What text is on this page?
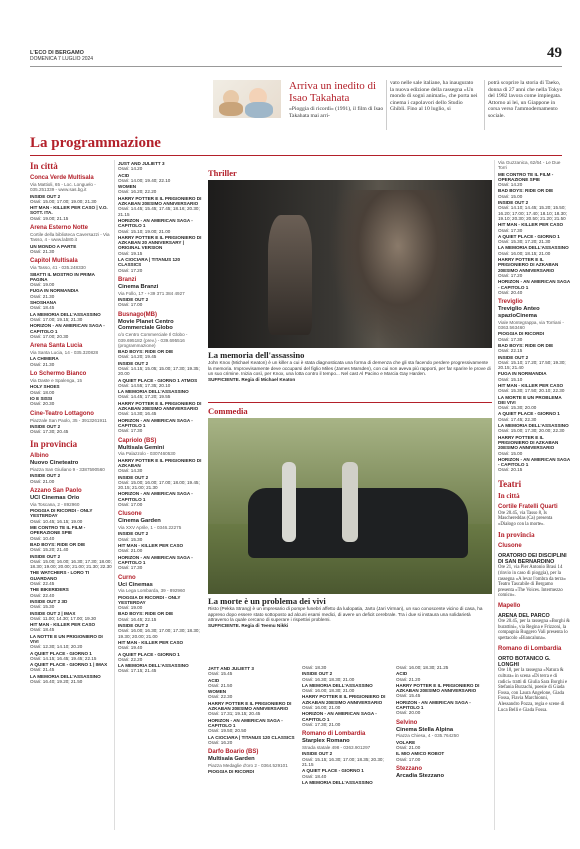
L'ECO DI BERGAMO
DOMENICA 7 LUGLIO 2024	49
Arriva un inedito di Isao Takahata
«Pioggia di ricordi» (1991), il film di Isao Takahata mai arri-
vato nelle sale italiane, ha inaugurato la nuova edizione della rassegna «Un mondo di sogni animati», che porta nei cinema i capolavori dello Studio Ghibli. Fino al 10 luglio, si
potrà scoprire la storia di Taeko, donna di 27 anni che nella Tokyo del 1982 lavora come impiegata. Attorno ai lei, un Giappone in corsa verso l'ammodernamento sociale.
La programmazione
In città
Conca Verde Multisala
Via Mattioli, 65 - Loc. Longuelo - 035.251339 - www.sas.bg.it
INSIDE OUT 2
Orari: 15.00; 17.00; 19.00; 21.30
HIT MAN - KILLER PER CASO | V.O. SOTT. ITA.
Orari: 19.00; 21.15
Arena Esterno Notte
Cortile della biblioteca Caversazzi - Via Tasso, 4 - www.lab80.it
UN MONDO A PARTE
Orari: 21.30
Capitol Multisala
Via Tasso, 41 - 035.248330
SBATTI IL MOSTRO IN PRIMA PAGINA
Orari: 19.00
FUGA IN NORMANDIA
Orari: 21.30
SHOSHANA
Orari: 18.45
LA MEMORIA DELL'ASSASSINO
Orari: 17.00; 19.15; 21.30
HORIZON - AN AMERICAN SAGA - CAPITOLO 1
Orari: 17.00; 20.30
Arena Santa Lucia
Via Santa Lucia, 14 - 035.320828
LA CHIMERA
Orari: 21.30
Lo Schermo Bianco
Via Daste e Spalenga, 15
HOLY SHOES
Orari: 18.00
IO E SISSI
Orari: 20.30
Cine-Teatro Lottagono
Piazzale San Paolo, 35 - 3913261911
INSIDE OUT 2
Orari: 17.30; 20.45
In provincia
Albino
Nuovo Cineteatro
Piazza San Giuliano 9 - 3387590560
INSIDE OUT 2
Orari: 21.00
Azzano San Paolo
UCI Cinemas Orio
Via Toscana, 2 - 892960
PIOGGIA DI RICORDI - ONLY YESTERDAY
Orari: 10.45; 16.15; 19.00
ME CONTRO TE IL FILM - OPERAZIONE SPIE
Orari: 10.40
BAD BOYS: RIDE OR DIE
Orari: 15.20; 21.40
INSIDE OUT 2
Orari: 15.00; 16.00; 16.30; 17.30; 18.00; 18.30; 19.00; 20.00; 21.00; 21.30; 22.30
THE WATCHERS - LORO TI GUARDANO
Orari: 22.45
THE BIKERIDERS
Orari: 22.40
INSIDE OUT 2 3D
Orari: 15.30
INSIDE OUT 2 | IMAX
Orari: 11.00; 14.30; 17.00; 19.30
HIT MAN - KILLER PER CASO
Orari: 18.45
LA NOTTE E UN PRIGIONIERO DI VIVI
Orari: 12.30; 14.10; 20.20
A QUIET PLACE - GIORNO 1
Orari: 14.15; 16.45; 19.45; 22.15
A QUIET PLACE - GIORNO 1 | IMAX
Orari: 21.45
LA MEMORIA DELL'ASSASSINO
Orari: 16.40; 19.20; 21.50
JUST AND JULIETT 3
Orari: 14.20
ACID
Orari: 14.00; 19.40; 22.10
WOMEN
Orari: 16.20; 22.20
HARRY POTTER E IL PRIGIONIERO DI AZKABAN 20ESIMO ANNIVERSARIO
Orari: 14.45; 15.45; 17.45; 18.16; 20.30; 21.15
HORIZON - AN AMERICAN SAGA - CAPITOLO 1
Orari: 15.10; 19.00; 21.00
HARRY POTTER E IL PRIGIONIERO DI AZKABAN 20 ANNIVERSARY | ORIGINAL VERSION
Orari: 19.15
LA CIOCIARA | TITANUS 120 CLASSICS
Orari: 17.20
Branzi
Cinema Branzi
Via Follo, 17 - +39 371 384 4927
INSIDE OUT 2
Orari: 17.00
Busnago(MB)
Movie Planet Centro Commerciale Globo
c/o Centro Commerciale Il Globo - 039.695182 (prev.) - 039.695516 (programmazione)
BAD BOYS: RIDE OR DIE
Orari: 14.20; 19.45
INSIDE OUT 2
Orari: 14.15; 15.05; 15.00; 17.30; 19.35; 20.00
A QUIET PLACE - GIORNO 1 ATMOS
Orari: 14.55; 17.35; 20.10
LA MEMORIA DELL'ASSASSINO
Orari: 14.45; 17.20; 19.55
HARRY POTTER E IL PRIGIONIERO DI AZKABAN 20ESIMO ANNIVERSARIO
Orari: 14.30; 16.45
HORIZON - AN AMERICAN SAGA - CAPITOLO 1
Orari: 17.30
Capriolo (BS)
Multisala Gemini
Via Palazzolo - 0307460530
HARRY POTTER E IL PRIGIONIERO DI AZKABAN
Orari: 14.30
INSIDE OUT 2
Orari: 15.00; 16.00; 17.00; 18.00; 19.45; 20.15; 21.00; 21.30
HORIZON - AN AMERICAN SAGA - CAPITOLO 1
Orari: 17.00
Clusone
Cinema Garden
Via XXV Aprile, 1 - 0346.22275
INSIDE OUT 2
Orari: 15.30
HIT MAN - KILLER PER CASO
Orari: 21.00
HORIZON - AN AMERICAN SAGA - CAPITOLO 1
Orari: 17.30
Curno
Uci Cinemas
Via Lega Lombarda, 39 - 892960
PIOGGIA DI RICORDI - ONLY YESTERDAY
Orari: 19.00
BAD BOYS: RIDE OR DIE
Orari: 16.45; 22.15
INSIDE OUT 2
Orari: 16.00; 16.30; 17.00; 17.30; 18.30; 19.30; 20.00; 21.00
HIT MAN - KILLER PER CASO
Orari: 19.40
A QUIET PLACE - GIORNO 1
Orari: 22.20
LA MEMORIA DELL'ASSASSINO
Orari: 17.15; 21.45
Thriller
La memoria dell'assassino
John Knox (Michael Keaton) è un killer a cui è stata diagnosticata una forma di demenza che gli sta facendo perdere progressivamente la memoria. Improvvisamente deve occuparsi del figlio Miles (James Marsden), con cui non aveva più rapporti, per far sparire le prove di un suo crimine. Inizia così, per Knox, una lotta contro il tempo... Nel cast Al Pacino e Marcia Gay Harden.
SUFFICIENTE. Regia di Michael Keaton
Commedia
La morte è un problema dei vivi
Risto (Pekka Strang) è un impresario di pompe funebri affetto da ludopatia, Jarto (Jari Virman), un suo conoscente vicino di casa, ha appreso dopo essere stato sottoposto ad alcuni esami medici, di avere un deficit cerebrale. Tra i due si instaura una solidarietà attraverso la quale cercano di superare i rispettivi problemi.
SUFFICIENTE. Regia di Teemu Nikki
JATT AND JULIETT 3
Orari: 15.45
ACID
Orari: 21.50
WOMEN
Orari: 22.30
HARRY POTTER E IL PRIGIONIERO DI AZKABAN 20ESIMO ANNIVERSARIO
Orari: 17.31; 19.15; 20.45
HORIZON - AN AMERICAN SAGA - CAPITOLO 1
Orari: 19.50; 20.50
LA CIOCIARA | TITANUS 120 CLASSICS
Orari: 16.20
Darfo Boario (BS)
Multisala Garden
Piazza Medaglie d'oro 2 - 0364.529101
PIOGGIA DI RICORDI
Orari: 18.30
INSIDE OUT 2
Orari: 16.30; 18.30; 21.00
LA MEMORIA DELL'ASSASSINO
Orari: 16.00; 18.30; 21.00
HARRY POTTER E IL PRIGIONIERO DI AZKABAN 20ESIMO ANNIVERSARIO
Orari: 16.00; 21.00
HORIZON - AN AMERICAN SAGA - CAPITOLO 1
Orari: 17.30; 21.00
Romano di Lombardia
Starplex Romano
Strada statale 498 - 0363.901297
INSIDE OUT 2
Orari: 15.15; 16.30; 17.00; 18.35; 20.30; 21.15
A QUIET PLACE - GIORNO 1
Orari: 18.40
LA MEMORIA DELL'ASSASSINO
Orari: 16.00; 18.30; 21.25
ACID
Orari: 21.20
HARRY POTTER E IL PRIGIONIERO DI AZKABAN 20ESIMO ANNIVERSARIO
Orari: 15.45
HORIZON - AN AMERICAN SAGA - CAPITOLO 1
Orari: 20.00
Selvino
Cinema Stella Alpina
Piazza Chiesa, 4 - 035.764250
VOLARE
Orari: 21.00
IL MIO AMICO ROBOT
Orari: 17.00
Stezzano
Arcadia Stezzano
Via Guzzanica, 62/64 - Le Due Torri
ME CONTRO TE IL FILM - OPERAZIONE SPIE
Orari: 14.20
BAD BOYS: RIDE OR DIE
Orari: 15.00
INSIDE OUT 2
Orari: 14.10; 14.45; 15.20; 15.50; 16.20; 17.00; 17.40; 18.10; 18.30; 19.10; 20.30; 20.50; 21.20; 21.50
HIT MAN - KILLER PER CASO
Orari: 17.30
A QUIET PLACE - GIORNO 1
Orari: 15.30; 17.20; 21.30
LA MEMORIA DELL'ASSASSINO
Orari: 16.00; 18.15; 21.00
HARRY POTTER E IL PRIGIONIERO DI AZKABAN 20ESIMO ANNIVERSARIO
Orari: 17.20
HORIZON - AN AMERICAN SAGA - CAPITOLO 1
Orari: 20.40
Treviglio
Treviglio Anteo spazioCinema
Viale Montegrappa, via Torriani - 0363.563460
PIOGGIA DI RICORDI
Orari: 17.30
BAD BOYS: RIDE OR DIE
Orari: 22.15
INSIDE OUT 2
Orari: 15.10; 17.20; 17.50; 19.30; 20.15; 21.40
FUGA IN NORMANDIA
Orari: 15.10
HIT MAN - KILLER PER CASO
Orari: 15.30; 17.50; 20.10; 22.30
LA MORTE E UN PROBLEMA DEI VIVI
Orari: 15.30; 20.00
A QUIET PLACE - GIORNO 1
Orari: 17.45; 22.30
LA MEMORIA DELL'ASSASSINO
Orari: 15.00; 17.30; 20.00; 22.30
HARRY POTTER E IL PRIGIONIERO DI AZKABAN 20ESIMO ANNIVERSARIO
Orari: 15.00
HORIZON - AN AMERICAN SAGA - CAPITOLO 1
Orari: 20.15
Teatri
In città
Cortile Fratelli Quarti
Ore 20.45, via Tasso 8, Is Maschereddas (Ca) presenta «Dialogo con la morte».
In provincia
Clusone
ORATORIO DEI DISCIPLINI DI SAN BERNARDINO
Ore 21, via Pier Antonio Brasi 14 (rinvio in caso di pioggia), per la rassegna «A levar l'ombra da terra» Teatro Tascabile di Bergamo presenta «The Voices. Intermezzo comico».
Mapello
ARENA DEL PARCO
Ore 20.45, per la rassegna «Borghi & burattini», via Regina e Frizzoni, la compagnia Ruggero Vali presenta lo spettacolo «Biancaluna».
Romano di Lombardia
ORTO BOTANICO G. LONGHI
Ore 18, per la rassegna «Natura & cultura» in scena «Di terra e di radici» tratti di Giulia Sara Borghi e Stefania Burzachi, poesie di Giada Fossa, con Laura Angelone, Giada Fossa, Flavia Marchionni, Alessandro Pozza, regia e scene di Luca Belli e Giada Fossa.
